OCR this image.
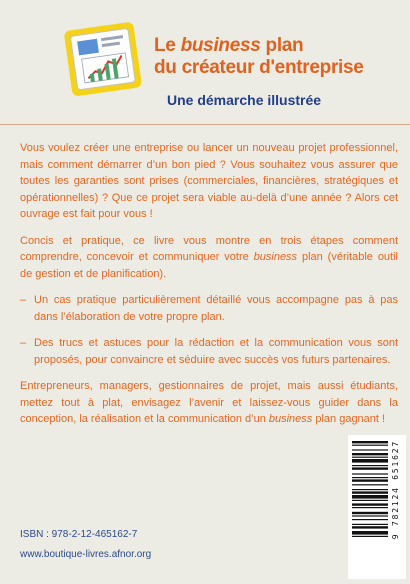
Le business plan
du créateur d'entreprise
Une démarche illustrée

Vous voulez créer une entreprise ou lancer un nouveau projet professionnel, mais comment démarrer d’un bon pied ? Vous souhaitez vous assurer que toutes les garanties sont prises (commerciales, financières, stratégiques et opérationnelles) ? Que ce projet sera viable au-delà d’une année ? Alors cet ouvrage est fait pour vous !

Concis et pratique, ce livre vous montre en trois étapes comment comprendre, concevoir et communiquer votre business plan (véritable outil de gestion et de planification).

– Un cas pratique particulièrement détaillé vous accompagne pas à pas dans l’élaboration de votre propre plan.
– Des trucs et astuces pour la rédaction et la communication vous sont proposés, pour convaincre et séduire avec succès vos futurs partenaires.

Entrepreneurs, managers, gestionnaires de projet, mais aussi étudiants, mettez tout à plat, envisagez l’avenir et laissez-vous guider dans la conception, la réalisation et la communication d’un business plan gagnant !

ISBN : 978-2-12-465162-7
www.boutique-livres.afnor.org
9 782124 651627
